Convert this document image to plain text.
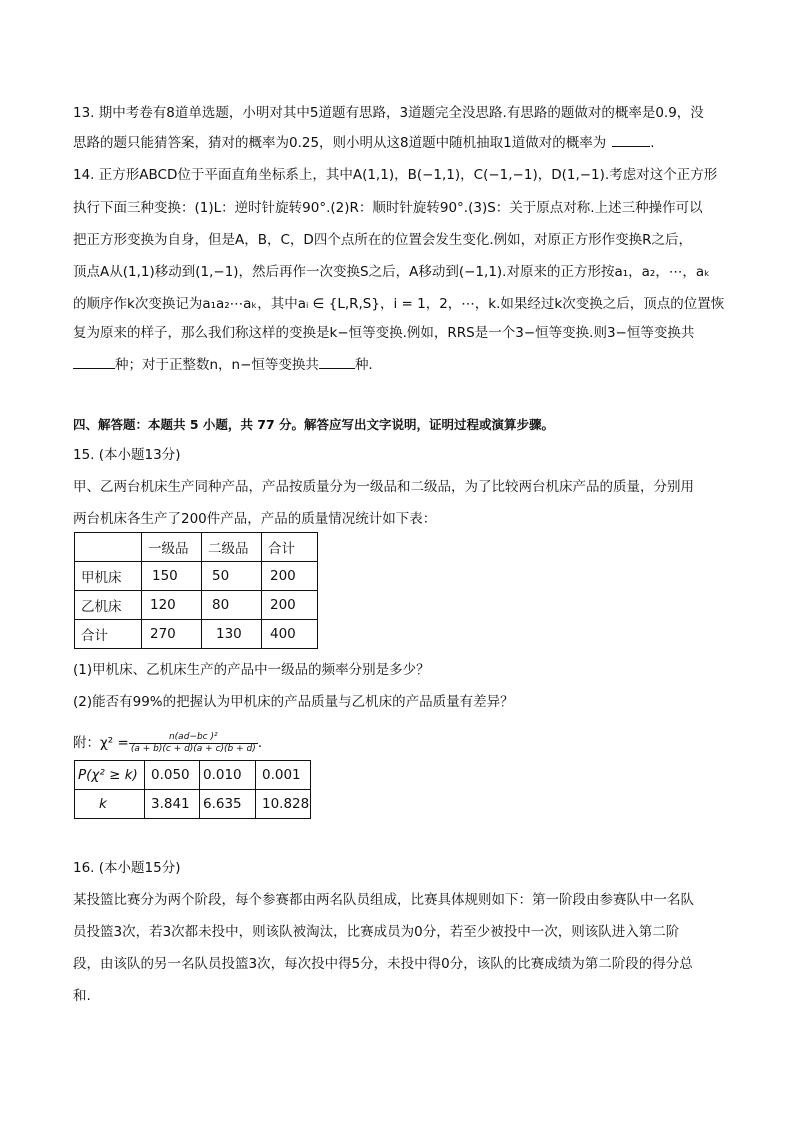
13. 期中考卷有8道单选题，小明对其中5道题有思路，3道题完全没思路.有思路的题做对的概率是0.9，没
思路的题只能猜答案，猜对的概率为0.25，则小明从这8道题中随机抽取1道做对的概率为	.
14. 正方形ABCD位于平面直角坐标系上，其中A(1,1)，B(−1,1)，C(−1,−1)，D(1,−1).考虑对这个正方形
执行下面三种变换：(1)L：逆时针旋转90°.(2)R：顺时针旋转90°.(3)S：关于原点对称.上述三种操作可以
把正方形变换为自身，但是A，B，C，D四个点所在的位置会发生变化.例如，对原正方形作变换R之后，
顶点A从(1,1)移动到(1,−1)，然后再作一次变换S之后，A移动到(−1,1).对原来的正方形按a₁，a₂，⋯，aₖ
的顺序作k次变换记为a₁a₂⋯aₖ，其中aᵢ ∈ {L,R,S}，i = 1，2，⋯，k.如果经过k次变换之后，顶点的位置恢
复为原来的样子，那么我们称这样的变换是k−恒等变换.例如，RRS是一个3−恒等变换.则3−恒等变换共
种；对于正整数n，n−恒等变换共	种.
四、解答题：本题共 5 小题，共 77 分。解答应写出文字说明，证明过程或演算步骤。
15. (本小题13分)
甲、乙两台机床生产同种产品，产品按质量分为一级品和二级品，为了比较两台机床产品的质量，分别用
两台机床各生产了200件产品，产品的质量情况统计如下表：
	一级品	二级品	合计
甲机床	150	50	200
乙机床	120	80	200
合计	270	130	400
(1)甲机床、乙机床生产的产品中一级品的频率分别是多少？
(2)能否有99%的把握认为甲机床的产品质量与乙机床的产品质量有差异？
附：$\chi^2 = \frac{\text{n(ad−bc )²}}{(a + b)(c + d)(a + c)(b + d)}$ .
P(χ² ≥ k)	0.050	0.010	0.001
k	3.841	6.635	10.828
16. (本小题15分)
某投篮比赛分为两个阶段，每个参赛都由两名队员组成，比赛具体规则如下：第一阶段由参赛队中一名队
员投篮3次，若3次都未投中，则该队被淘汰，比赛成员为0分，若至少被投中一次，则该队进入第二阶
段，由该队的另一名队员投篮3次，每次投中得5分，未投中得0分，该队的比赛成绩为第二阶段的得分总
和.
